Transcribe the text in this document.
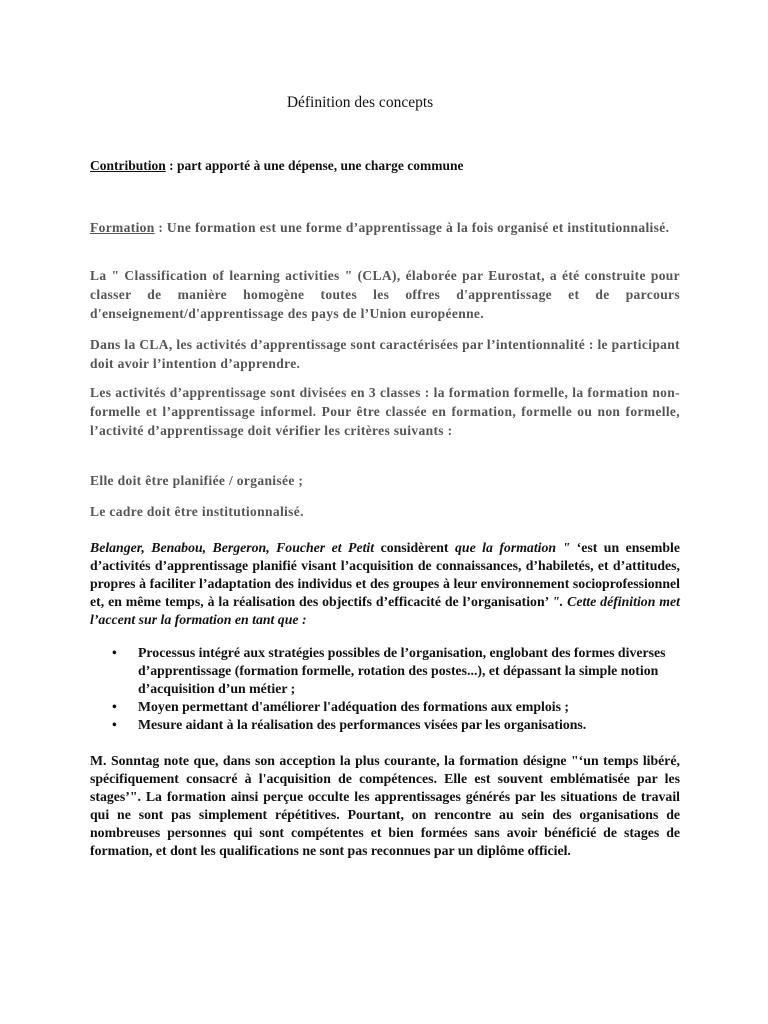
Définition des concepts
Contribution : part apporté à une dépense, une charge commune

Formation : Une formation est une forme d’apprentissage à la fois organisé et institutionnalisé.

La " Classification of learning activities " (CLA), élaborée par Eurostat, a été construite pour classer de manière homogène toutes les offres d'apprentissage et de parcours d'enseignement/d'apprentissage des pays de l’Union européenne.

Dans la CLA, les activités d’apprentissage sont caractérisées par l’intentionnalité : le participant doit avoir l’intention d’apprendre.

Les activités d’apprentissage sont divisées en 3 classes : la formation formelle, la formation non-formelle et l’apprentissage informel. Pour être classée en formation, formelle ou non formelle, l’activité d’apprentissage doit vérifier les critères suivants :

Elle doit être planifiée / organisée ;

Le cadre doit être institutionnalisé.

Belanger, Benabou, Bergeron, Foucher et Petit considèrent que la formation " ‘est un ensemble d’activités d’apprentissage planifié visant l’acquisition de connaissances, d’habiletés, et d’attitudes, propres à faciliter l’adaptation des individus et des groupes à leur environnement socioprofessionnel et, en même temps, à la réalisation des objectifs d’efficacité de l’organisation’ ". Cette définition met l’accent sur la formation en tant que :

• Processus intégré aux stratégies possibles de l’organisation, englobant des formes diverses d’apprentissage (formation formelle, rotation des postes...), et dépassant la simple notion d’acquisition d’un métier ;
• Moyen permettant d'améliorer l'adéquation des formations aux emplois ;
• Mesure aidant à la réalisation des performances visées par les organisations.

M. Sonntag note que, dans son acception la plus courante, la formation désigne "‘un temps libéré, spécifiquement consacré à l'acquisition de compétences. Elle est souvent emblématisée par les stages’". La formation ainsi perçue occulte les apprentissages générés par les situations de travail qui ne sont pas simplement répétitives. Pourtant, on rencontre au sein des organisations de nombreuses personnes qui sont compétentes et bien formées sans avoir bénéficié de stages de formation, et dont les qualifications ne sont pas reconnues par un diplôme officiel.
